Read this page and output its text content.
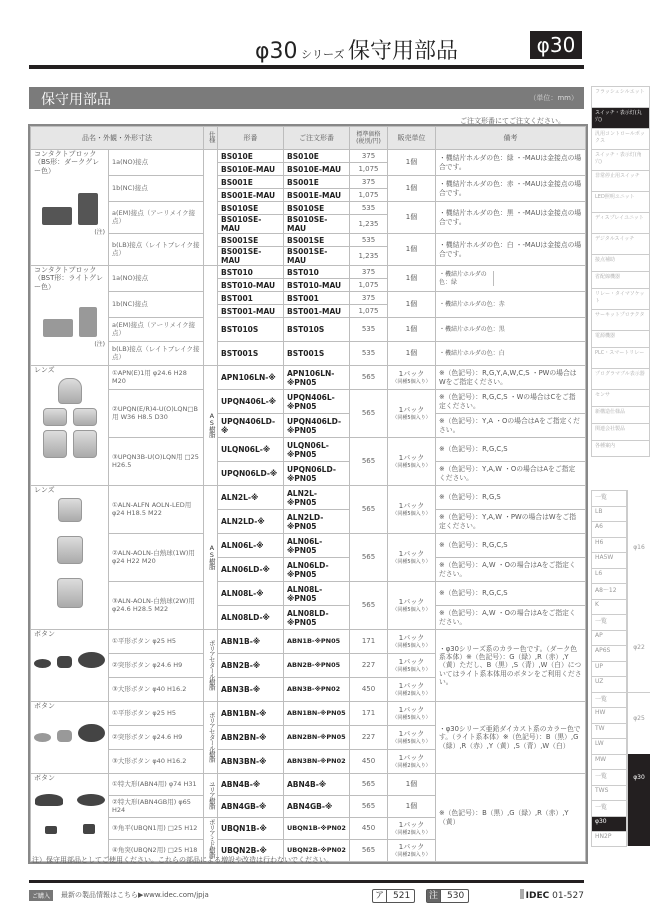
φ30 シリーズ 保守用部品	φ30
保守用部品	（単位：mm）
ご注文形番にてご注文ください。
品名・外観・外形寸法		仕様	形番	ご注文形番	標準価格(税別/円)	販売単位	備考

コンタクトブロック（BS形：ダークグレー色）
(注)	1a(NO)接点		BS010E	BS010E	375	1個	・機結片ホルダの色：緑 ・-MAUは金接点の場合です。
			BS010E-MAU	BS010E-MAU	1,075		
	1b(NC)接点		BS001E	BS001E	375	1個	・機結片ホルダの色：赤 ・-MAUは金接点の場合です。
			BS001E-MAU	BS001E-MAU	1,075		
	a(EM)接点（アーリメイク接点）		BS010SE	BS010SE	535	1個	・機結片ホルダの色：黒 ・-MAUは金接点の場合です。
			BS010SE-MAU	BS010SE-MAU	1,235		
	b(LB)接点（レイトブレイク接点）		BS001SE	BS001SE	535	1個	・機結片ホルダの色：白 ・-MAUは金接点の場合です。
			BS001SE-MAU	BS001SE-MAU	1,235		

コンタクトブロック（BST形：ライトグレー色）
(注)	1a(NO)接点		BST010	BST010	375	1個	・機結片ホルダの色：緑

			BST010-MAU	BST010-MAU	1,075		
	1b(NC)接点		BST001	BST001	375	1個	・機結片ホルダの色：赤
			BST001-MAU	BST001-MAU	1,075		
	a(EM)接点（アーリメイク接点）		BST010S	BST010S	535	1個	・機結片ホルダの色：黒
	b(LB)接点（レイトブレイク接点）		BST001S	BST001S	535	1個	・機結片ホルダの色：白

レンズ	①APN(E)1用 φ24.6 H28 M20	AS樹脂	APN106LN-※	APN106LN-※PN05	565	1パック
（同種5個入り）	※（色記号）：R,G,Y,A,W,C,S ・PWの場合はWをご指定ください。
	②UPQN(E/R)4-U(O)LQN□B用 W36 H8.5 D30		UPQN406L-※	UPQN406L-※PN05	565	1パック
（同種5個入り）	※（色記号）：R,G,C,S ・Wの場合はCをご指定ください。
			UPQN406LD-※	UPQN406LD-※PN05			※（色記号）：Y,A ・Oの場合はAをご指定ください。
	③UPQN3B-U(O)LQN用 □25 H26.5		ULQN06L-※	ULQN06L-※PN05	565	1パック
（同種5個入り）	※（色記号）：R,G,C,S
			UPQN06LD-※	UPQN06LD-※PN05			※（色記号）：Y,A,W ・Oの場合はAをご指定ください。

レンズ	①ALN-ALFN AOLN-LED用 φ24 H18.5 M22	AS樹脂	ALN2L-※	ALN2L-※PN05	565	1パック
（同種5個入り）	※（色記号）：R,G,S
			ALN2LD-※	ALN2LD-※PN05			※（色記号）：Y,A,W ・PWの場合はWをご指定ください。
	②ALN-AOLN-白熱球(1W)用 φ24 H22 M20		ALN06L-※	ALN06L-※PN05	565	1パック
（同種5個入り）	※（色記号）：R,G,C,S
			ALN06LD-※	ALN06LD-※PN05			※（色記号）：A,W ・Oの場合はAをご指定ください。
	③ALN-AOLN-白熱球(2W)用 φ24.6 H28.5 M22		ALN08L-※	ALN08L-※PN05	565	1パック
（同種5個入り）	※（色記号）：R,G,C,S
			ALN08LD-※	ALN08LD-※PN05			※（色記号）：A,W ・Oの場合はAをご指定ください。

ボタン	①平形ボタン φ25 H5	ポリアセタール樹脂	ABN1B-※	ABN1B-※PN05	171	1パック
（同種5個入り）	・φ30シリーズ系のカラー色です。（ダーク色系本体）※（色記号）：G（緑）,R（赤）,Y（黄）ただし、B（黒）,S（青）,W（白）についてはライト系本体用のボタンをご利用ください。
	②突形ボタン φ24.6 H9		ABN2B-※	ABN2B-※PN05	227	1パック
（同種5個入り）	

	③大形ボタン φ40 H16.2		ABN3B-※	ABN3B-※PN02	450	1パック
（同種2個入り）	

ボタン	①平形ボタン φ25 H5	ポリアセタール樹脂	ABN1BN-※	ABN1BN-※PN05	171	1パック
（同種5個入り）	・φ30シリーズ亜鉛ダイカスト系のカラー色です。（ライト系本体）※（色記号）：B（黒）,G（緑）,R（赤）,Y（黄）,S（青）,W（白）
	②突形ボタン φ24.6 H9		ABN2BN-※	ABN2BN-※PN05	227	1パック
（同種5個入り）	

	③大形ボタン φ40 H16.2		ABN3BN-※	ABN3BN-※PN02	450	1パック
（同種2個入り）	

ボタン	①特大形(ABN4用) φ74 H31	ユリア樹脂	ABN4B-※	ABN4B-※	565	1個	※（色記号）：B（黒）,G（緑）,R（赤）,Y（黄）
	②特大形(ABN4GB用) φ65 H24		ABN4GB-※	ABN4GB-※	565	1個	
	③角平(UBQN1用) □25 H12	ポリアミド樹脂	UBQN1B-※	UBQN1B-※PN02	450	1パック
（同種2個入り）	

	④角突(UBQN2用) □25 H18		UBQN2B-※	UBQN2B-※PN02	565	1パック
（同種2個入り）	
注）保守用部品としてご使用ください。これらの部品による増設や改造は行わないでください。
ご購入	最新の製品情報はこちら▶www.idec.com/jpja	ア 521	注 530	IDEC 01-527
フラッシュシルエット
スイッチ・表示灯(丸穴)
汎用コントロールボックス
スイッチ・表示灯(角穴)
非常停止用スイッチ
LED照明ユニット
ディスプレイユニット
デジタルスイッチ
接点補助
省配線機器
リレー・タイマソケット
サーキットプロテクタ
電源機器
PLC・スマートリレー
プログラマブル表示器
センサ
新構造仕様品
関連会社製品
各種案内
一覧
LB
A6
H6
HA5W
L6
A8～12
K
一覧
AP
AP6S
UP
UZ
一覧
HW
TW
LW
MW
一覧
TWS
一覧
φ30
HN2P
φ16
φ22
φ25
φ30
